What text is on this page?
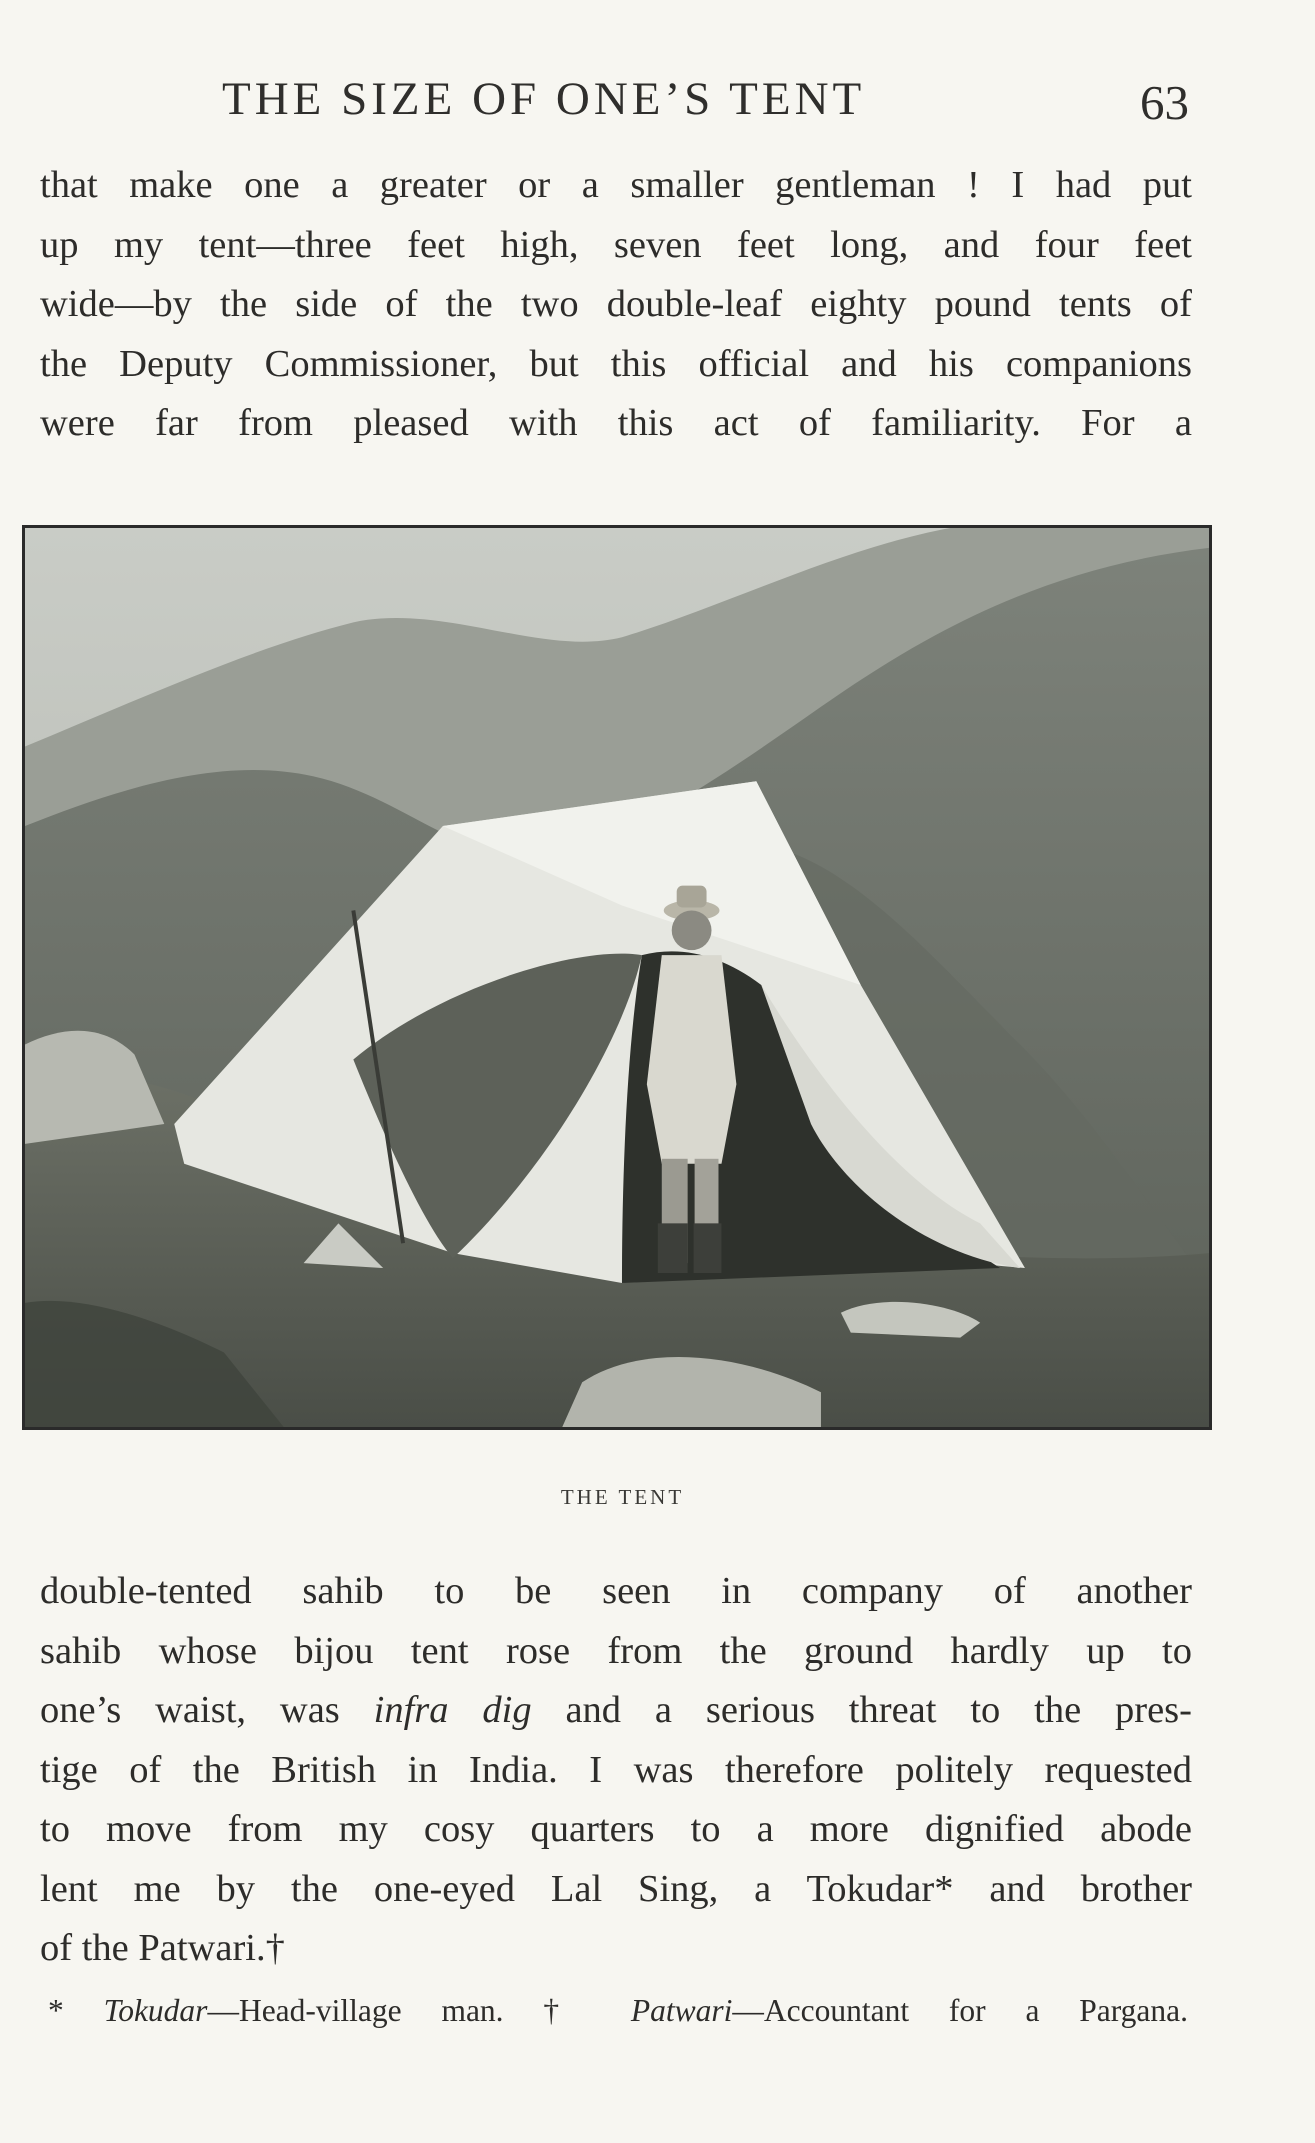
THE SIZE OF ONE’S TENT	63
that make one a greater or a smaller gentleman ! I had put
up my tent—three feet high, seven feet long, and four feet
wide—by the side of the two double-leaf eighty pound tents of
the Deputy Commissioner, but this official and his companions
were far from pleased with this act of familiarity. For a
THE TENT
double-tented sahib to be seen in company of another
sahib whose bijou tent rose from the ground hardly up to
one’s waist, was infra dig and a serious threat to the pres-
tige of the British in India. I was therefore politely requested
to move from my cosy quarters to a more dignified abode
lent me by the one-eyed Lal Sing, a Tokudar* and brother
of the Patwari.†
* Tokudar—Head-village man. † Patwari—Accountant for a Pargana.
